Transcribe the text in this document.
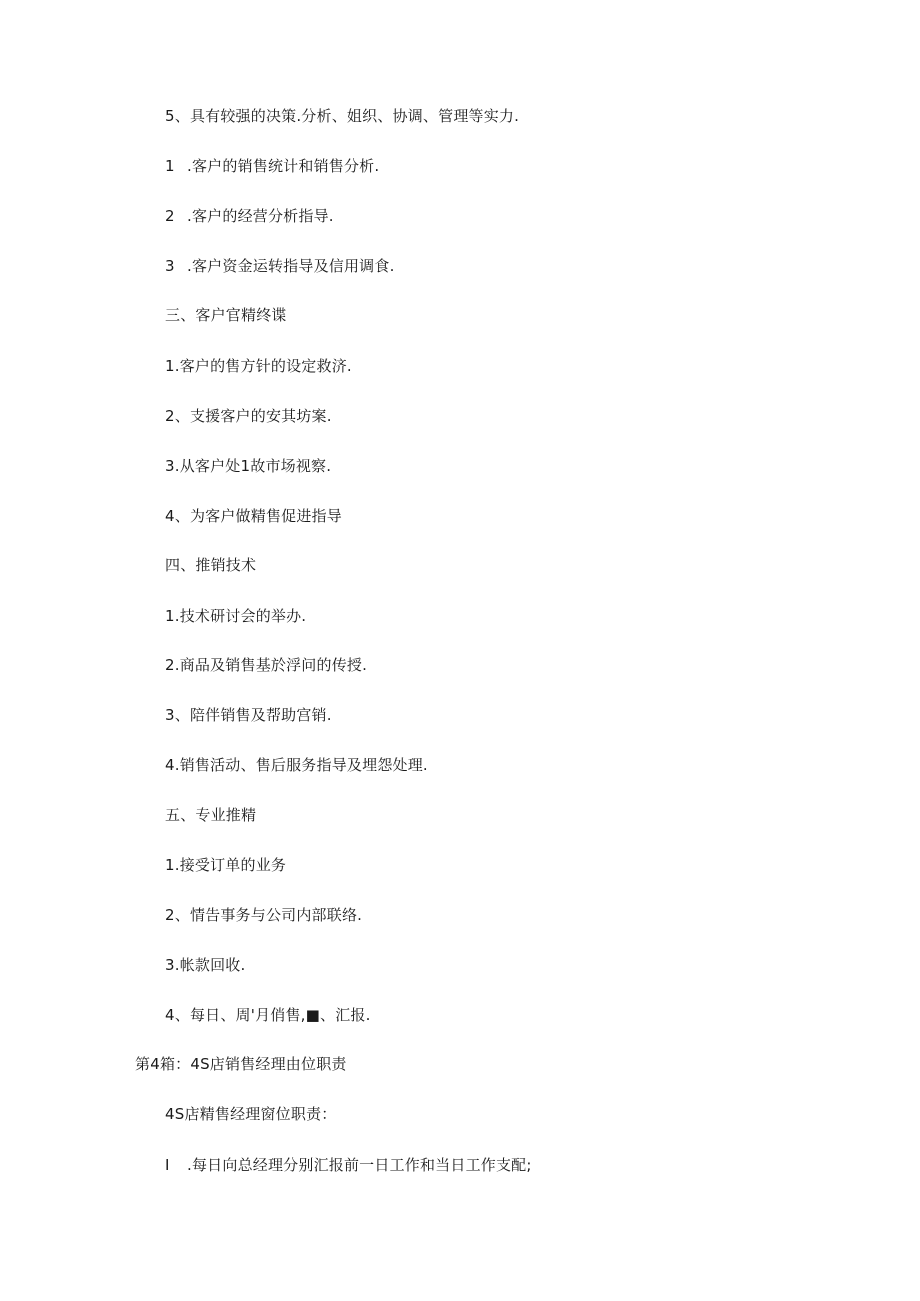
5、具有较强的决策.分析、姐织、协调、管理等实力.
1 .客户的销售统计和销售分析.
2 .客户的经营分析指导.
3 .客户资金运转指导及信用调食.
三、客户官精终谍
1.客户的售方针的设定救济.
2、支援客户的安其坊案.
3.从客户处1故市场视察.
4、为客户做精售促进指导
四、推销技术
1.技术研讨会的举办.
2.商品及销售基於浮问的传授.
3、陪伴销售及帮助宫销.
4.销售活动、售后服务指导及埋怨处理.
五、专业推精
1.接受订单的业务
2、情告事务与公司内部联络.
3.帐款回收.
4、每日、周'月俏售,■、汇报.
第4箱：4S店销售经理由位职责
4S店精售经理窗位职责：
I .每日向总经理分别汇报前一日工作和当日工作支配;
